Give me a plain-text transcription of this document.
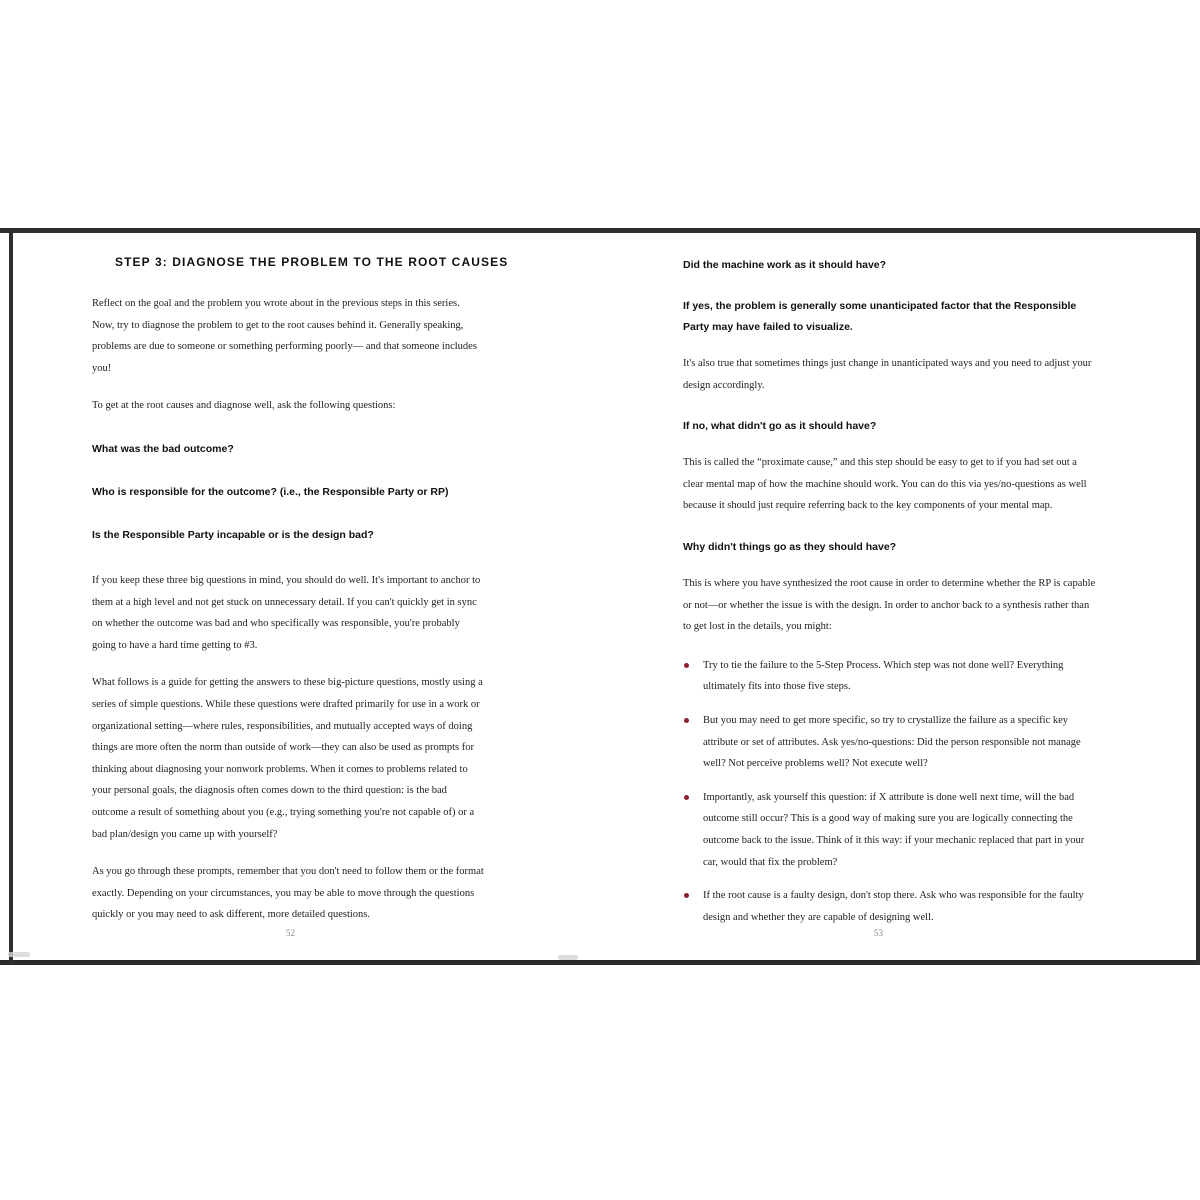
STEP 3: DIAGNOSE THE PROBLEM TO THE ROOT CAUSES

Reflect on the goal and the problem you wrote about in the previous steps in this series. Now, try to diagnose the problem to get to the root causes behind it. Generally speaking, problems are due to someone or something performing poorly— and that someone includes you!

To get at the root causes and diagnose well, ask the following questions:

What was the bad outcome?
Who is responsible for the outcome? (i.e., the Responsible Party or RP)
Is the Responsible Party incapable or is the design bad?

If you keep these three big questions in mind, you should do well. It's important to anchor to them at a high level and not get stuck on unnecessary detail. If you can't quickly get in sync on whether the outcome was bad and who specifically was responsible, you're probably going to have a hard time getting to #3.

What follows is a guide for getting the answers to these big-picture questions, mostly using a series of simple questions. While these questions were drafted primarily for use in a work or organizational setting—where rules, responsibilities, and mutually accepted ways of doing things are more often the norm than outside of work—they can also be used as prompts for thinking about diagnosing your nonwork problems. When it comes to problems related to your personal goals, the diagnosis often comes down to the third question: is the bad outcome a result of something about you (e.g., trying something you're not capable of) or a bad plan/design you came up with yourself?

As you go through these prompts, remember that you don't need to follow them or the format exactly. Depending on your circumstances, you may be able to move through the questions quickly or you may need to ask different, more detailed questions.

Did the machine work as it should have?
If yes, the problem is generally some unanticipated factor that the Responsible Party may have failed to visualize.

It's also true that sometimes things just change in unanticipated ways and you need to adjust your design accordingly.

If no, what didn't go as it should have?

This is called the “proximate cause,” and this step should be easy to get to if you had set out a clear mental map of how the machine should work. You can do this via yes/no-questions as well because it should just require referring back to the key components of your mental map.

Why didn't things go as they should have?

This is where you have synthesized the root cause in order to determine whether the RP is capable or not—or whether the issue is with the design. In order to anchor back to a synthesis rather than to get lost in the details, you might:

Try to tie the failure to the 5-Step Process. Which step was not done well? Everything ultimately fits into those five steps.
But you may need to get more specific, so try to crystallize the failure as a specific key attribute or set of attributes. Ask yes/no-questions: Did the person responsible not manage well? Not perceive problems well? Not execute well?
Importantly, ask yourself this question: if X attribute is done well next time, will the bad outcome still occur? This is a good way of making sure you are logically connecting the outcome back to the issue. Think of it this way: if your mechanic replaced that part in your car, would that fix the problem?
If the root cause is a faulty design, don't stop there. Ask who was responsible for the faulty design and whether they are capable of designing well.
52	53
